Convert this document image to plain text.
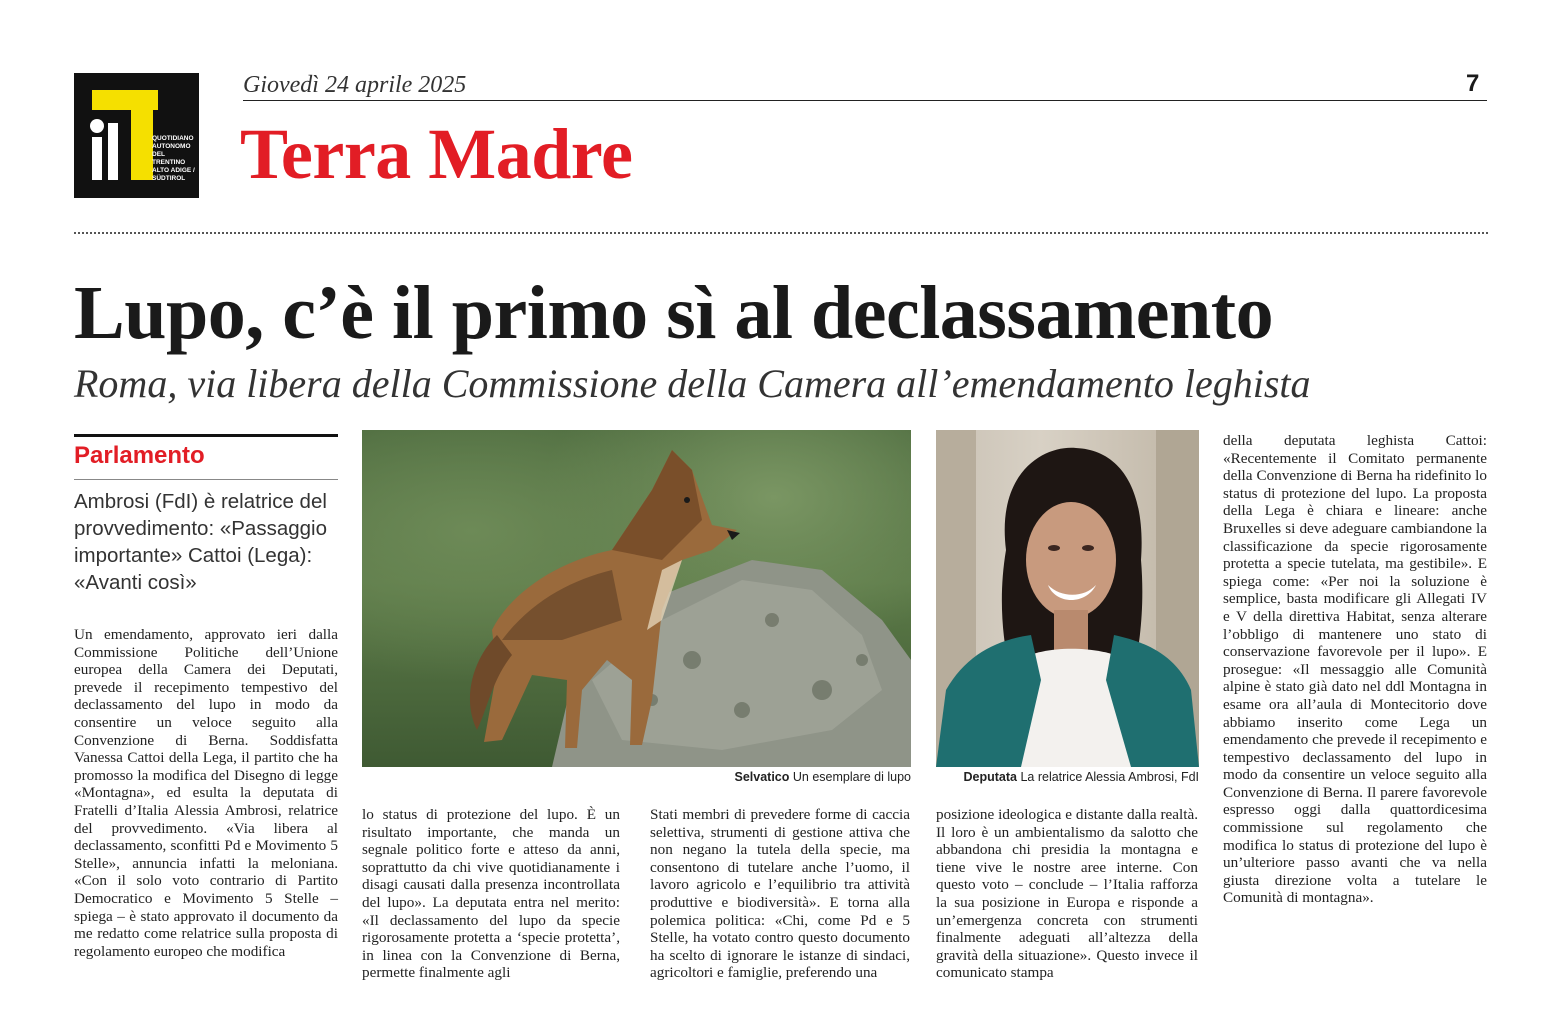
QUOTIDIANO
AUTONOMO
DEL TRENTINO
ALTO ADIGE /
SÜDTIROL
Giovedì 24 aprile 2025	7
Terra Madre
Lupo, c’è il primo sì al declassamento
Roma, via libera della Commissione della Camera all’emendamento leghista
Parlamento
Ambrosi (FdI) è relatrice del provvedimento: «Passaggio importante» Cattoi (Lega): «Avanti così»
Un emendamento, approvato ieri dalla Commissione Politiche dell’Unione europea della Camera dei Deputati, prevede il recepimento tempestivo del declassamento del lupo in modo da consentire un veloce seguito alla Convenzione di Berna. Soddisfatta Vanessa Cattoi della Lega, il partito che ha promosso la modifica del Disegno di legge «Montagna», ed esulta la deputata di Fratelli d’Italia Alessia Ambrosi, relatrice del provvedimento. «Via libera al declassamento, sconfitti Pd e Movimento 5 Stelle», annuncia infatti la meloniana. «Con il solo voto contrario di Partito Democratico e Movimento 5 Stelle – spiega – è stato approvato il documento da me redatto come relatrice sulla proposta di regolamento europeo che modifica
lo status di protezione del lupo. È un risultato importante, che manda un segnale politico forte e atteso da anni, soprattutto da chi vive quotidianamente i disagi causati dalla presenza incontrollata del lupo». La deputata entra nel merito: «Il declassamento del lupo da specie rigorosamente protetta a ‘specie protetta’, in linea con la Convenzione di Berna, permette finalmente agli
Stati membri di prevedere forme di caccia selettiva, strumenti di gestione attiva che non negano la tutela della specie, ma consentono di tutelare anche l’uomo, il lavoro agricolo e l’equilibrio tra attività produttive e biodiversità». E torna alla polemica politica: «Chi, come Pd e 5 Stelle, ha votato contro questo documento ha scelto di ignorare le istanze di sindaci, agricoltori e famiglie, preferendo una
posizione ideologica e distante dalla realtà. Il loro è un ambientalismo da salotto che abbandona chi presidia la montagna e tiene vive le nostre aree interne. Con questo voto – conclude – l’Italia rafforza la sua posizione in Europa e risponde a un’emergenza concreta con strumenti finalmente adeguati all’altezza della gravità della situazione». Questo invece il comunicato stampa
della deputata leghista Cattoi: «Recentemente il Comitato permanente della Convenzione di Berna ha ridefinito lo status di protezione del lupo. La proposta della Lega è chiara e lineare: anche Bruxelles si deve adeguare cambiandone la classificazione da specie rigorosamente protetta a specie tutelata, ma gestibile». E spiega come: «Per noi la soluzione è semplice, basta modificare gli Allegati IV e V della direttiva Habitat, senza alterare l’obbligo di mantenere uno stato di conservazione favorevole per il lupo». E prosegue: «Il messaggio alle Comunità alpine è stato già dato nel ddl Montagna in esame ora all’aula di Montecitorio dove abbiamo inserito come Lega un emendamento che prevede il recepimento e tempestivo declassamento del lupo in modo da consentire un veloce seguito alla Convenzione di Berna. Il parere favorevole espresso oggi dalla quattordicesima commissione sul regolamento che modifica lo status di protezione del lupo è un’ulteriore passo avanti che va nella giusta direzione volta a tutelare le Comunità di montagna».
Selvatico Un esemplare di lupo	Deputata La relatrice Alessia Ambrosi, FdI
